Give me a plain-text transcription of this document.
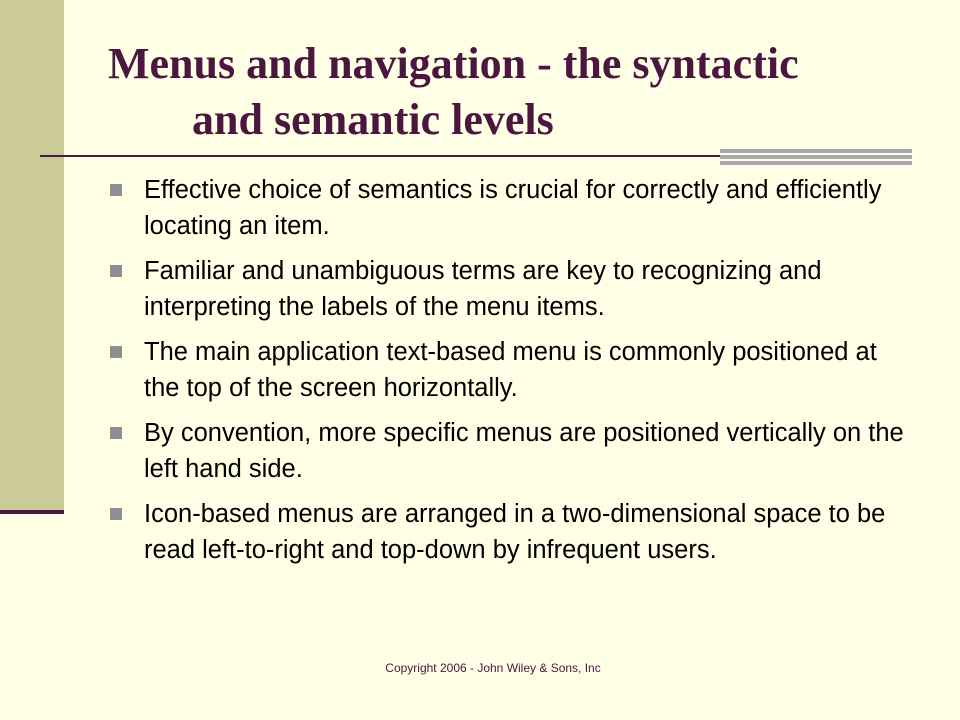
Menus and navigation - the syntactic
and semantic levels
Effective choice of semantics is crucial for correctly and efficiently locating an item.
Familiar and unambiguous terms are key to recognizing and interpreting the labels of the menu items.
The main application text-based menu is commonly positioned at the top of the screen horizontally.
By convention, more specific menus are positioned vertically on the left hand side.
Icon-based menus are arranged in a two-dimensional space to be read left-to-right and top-down by infrequent users.
Copyright 2006 - John Wiley & Sons, Inc
